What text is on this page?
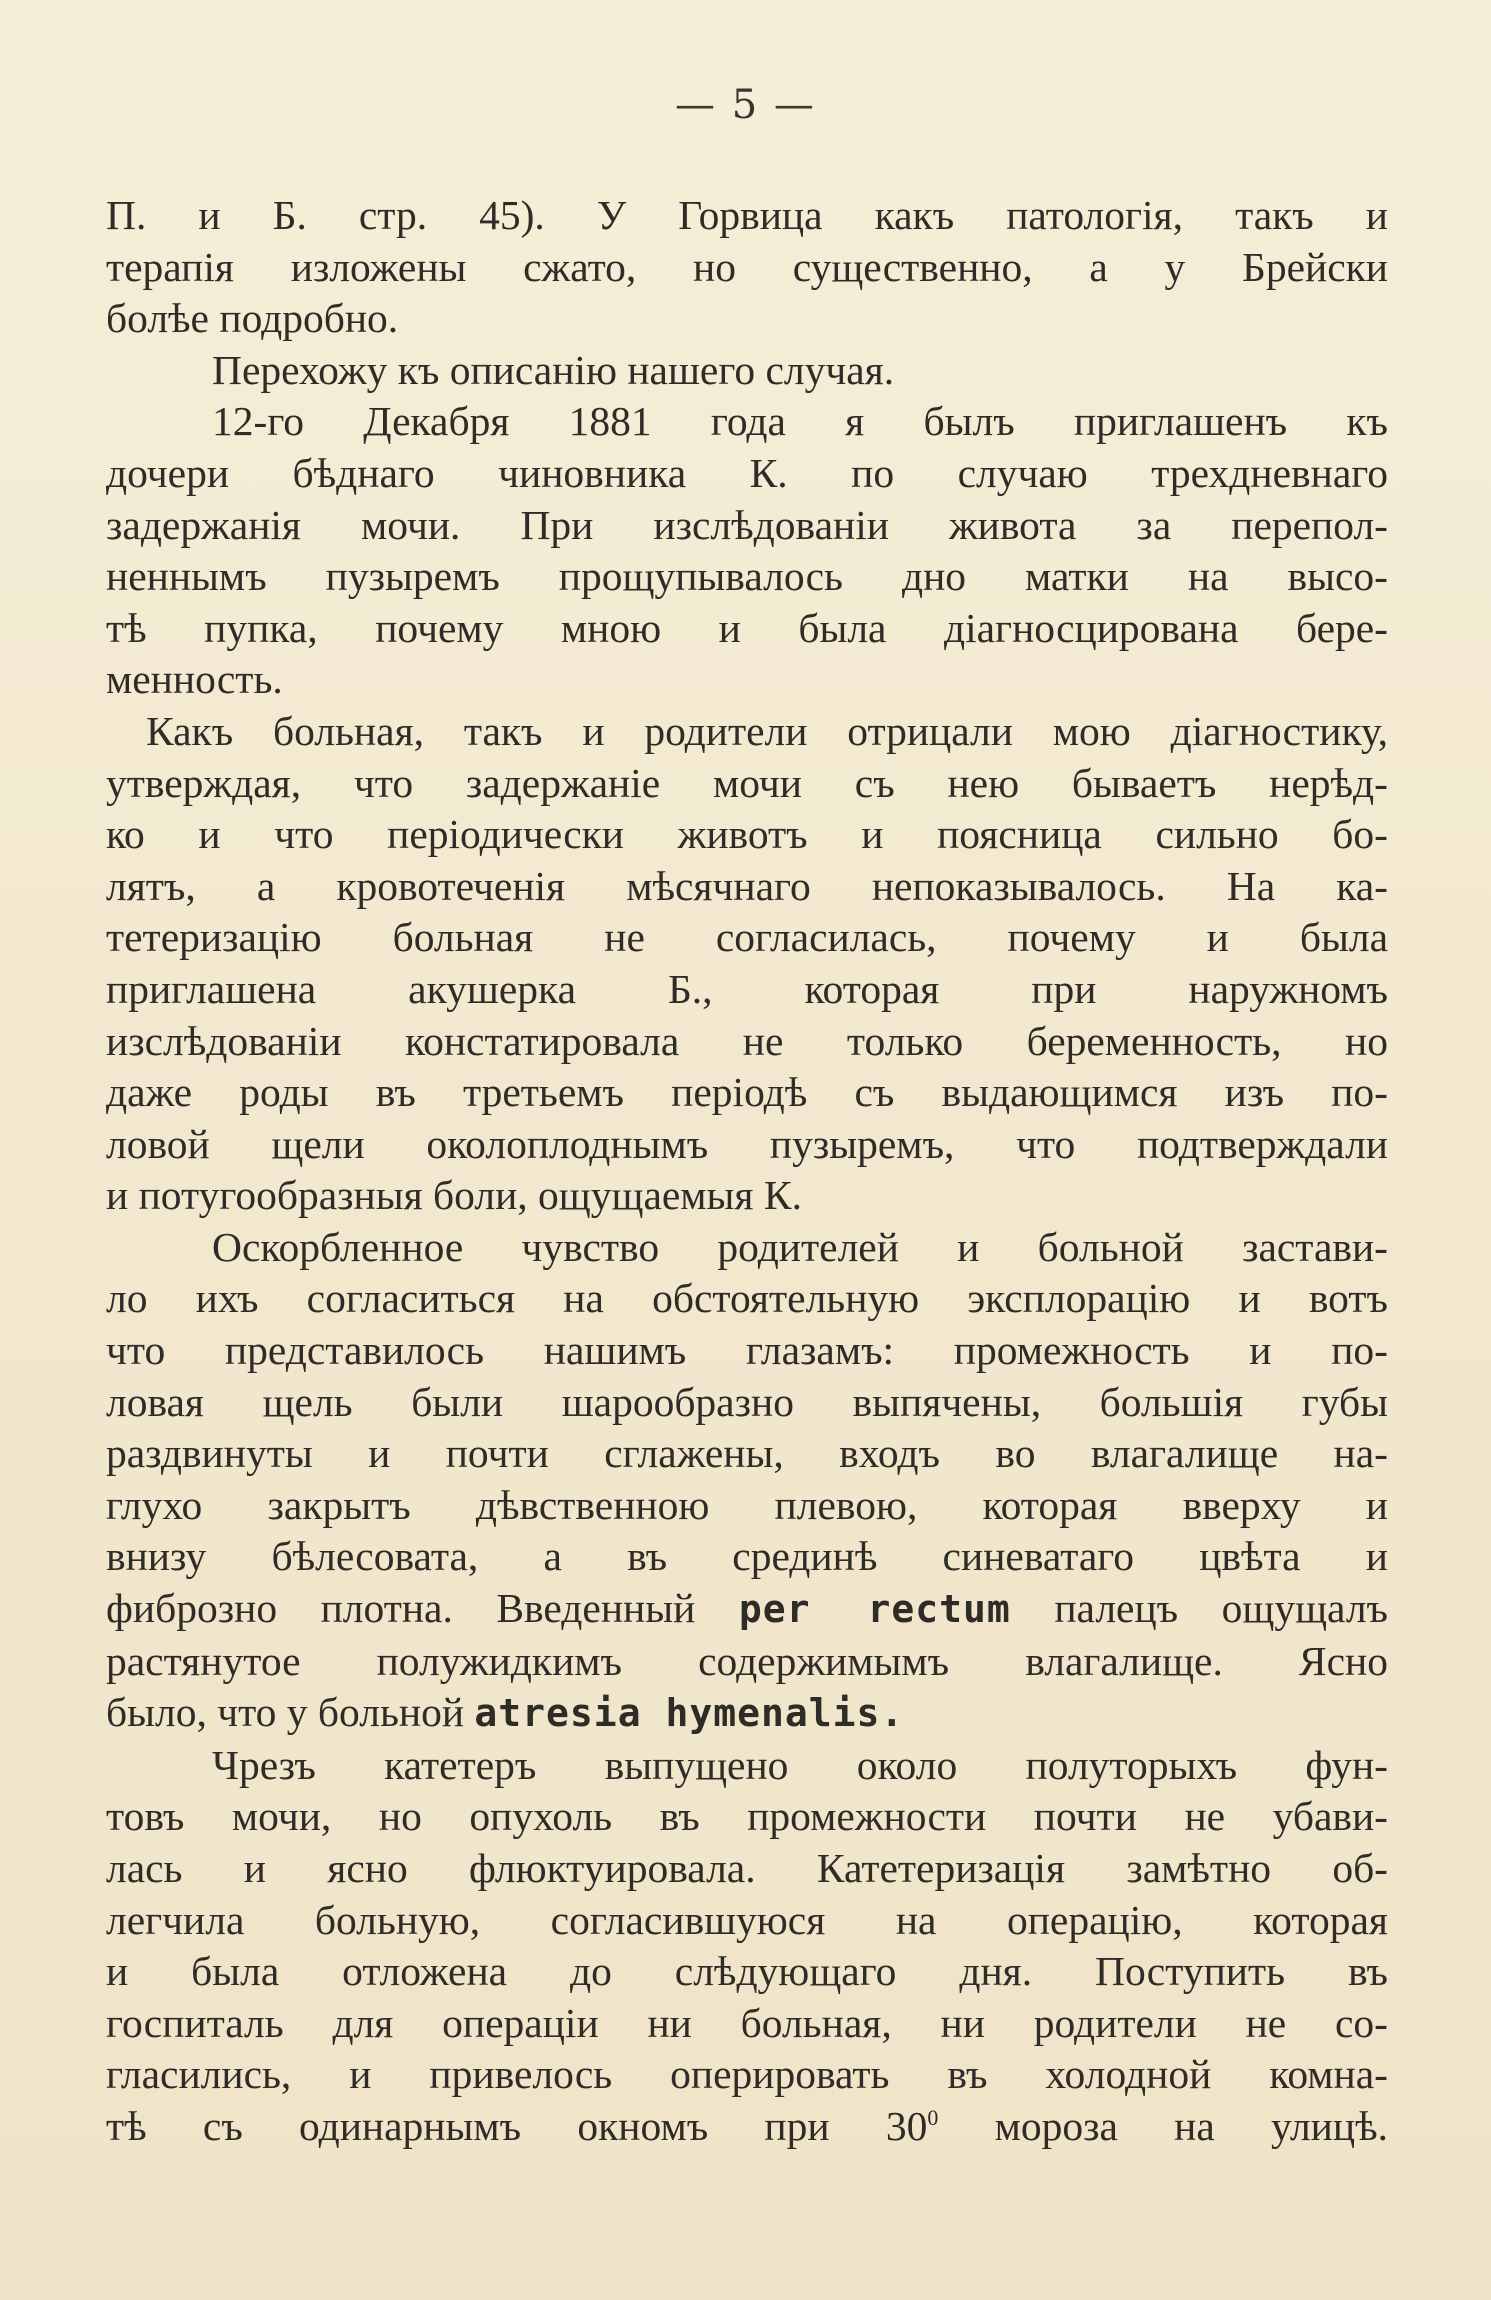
— 5 —

П. и Б. стр. 45). У Горвица какъ патологія, такъ и

терапія изложены сжато, но существенно, а у Брейски

болѣе подробно.

Перехожу къ описанію нашего случая.

12-го Декабря 1881 года я былъ приглашенъ къ

дочери бѣднаго чиновника К. по случаю трехдневнаго

задержанія мочи. При изслѣдованіи живота за перепол-

неннымъ пузыремъ прощупывалось дно матки на высо-

тѣ пупка, почему мною и была діагносцирована бере-

менность.

Какъ больная, такъ и родители отрицали мою діагностику,

утверждая, что задержаніе мочи съ нею бываетъ нерѣд-

ко и что періодически животъ и поясница сильно бо-

лятъ, а кровотеченія мѣсячнаго непоказывалось. На ка-

тетеризацію больная не согласилась, почему и была

приглашена акушерка Б., которая при наружномъ

изслѣдованіи констатировала не только беременность, но

даже роды въ третьемъ періодѣ съ выдающимся изъ по-

ловой щели околоплоднымъ пузыремъ, что подтверждали

и потугообразныя боли, ощущаемыя К.

Оскорбленное чувство родителей и больной застави-

ло ихъ согласиться на обстоятельную эксплорацію и вотъ

что представилось нашимъ глазамъ: промежность и по-

ловая щель были шарообразно выпячены, большія губы

раздвинуты и почти сглажены, входъ во влагалище на-

глухо закрытъ дѣвственною плевою, которая вверху и

внизу бѣлесовата, а въ срединѣ синеватаго цвѣта и

фиброзно плотна. Введенный per rectum палецъ ощущалъ

растянутое полужидкимъ содержимымъ влагалище. Ясно

было, что у больной atresia hymenalis.

Чрезъ катетеръ выпущено около полуторыхъ фун-

товъ мочи, но опухоль въ промежности почти не убави-

лась и ясно флюктуировала. Катетеризація замѣтно об-

легчила больную, согласившуюся на операцію, которая

и была отложена до слѣдующаго дня. Поступить въ

госпиталь для операціи ни больная, ни родители не со-

гласились, и привелось оперировать въ холодной комна-

тѣ съ одинарнымъ окномъ при $30^0$ мороза на улицѣ.
